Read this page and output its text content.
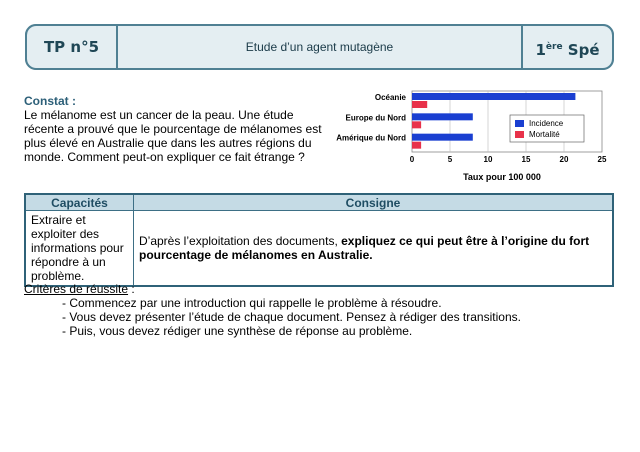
TP n°5	Etude d’un agent mutagène	1ère Spé
Constat :
Le mélanome est un cancer de la peau. Une étude récente a prouvé que le pourcentage de mélanomes est plus élevé en Australie que dans les autres régions du monde. Comment peut-on expliquer ce fait étrange ?
Océanie
Europe du Nord
Amérique du Nord
0	5	10	15	20	25
Taux pour 100 000
Incidence
Mortalité
Capacités	Consigne
Extraire et exploiter des informations pour répondre à un problème.	D’après l’exploitation des documents, expliquez ce qui peut être à l’origine du fort pourcentage de mélanomes en Australie.
Critères de réussite :
- Commencez par une introduction qui rappelle le problème à résoudre.
- Vous devez présenter l’étude de chaque document. Pensez à rédiger des transitions.
- Puis, vous devez rédiger une synthèse de réponse au problème.
